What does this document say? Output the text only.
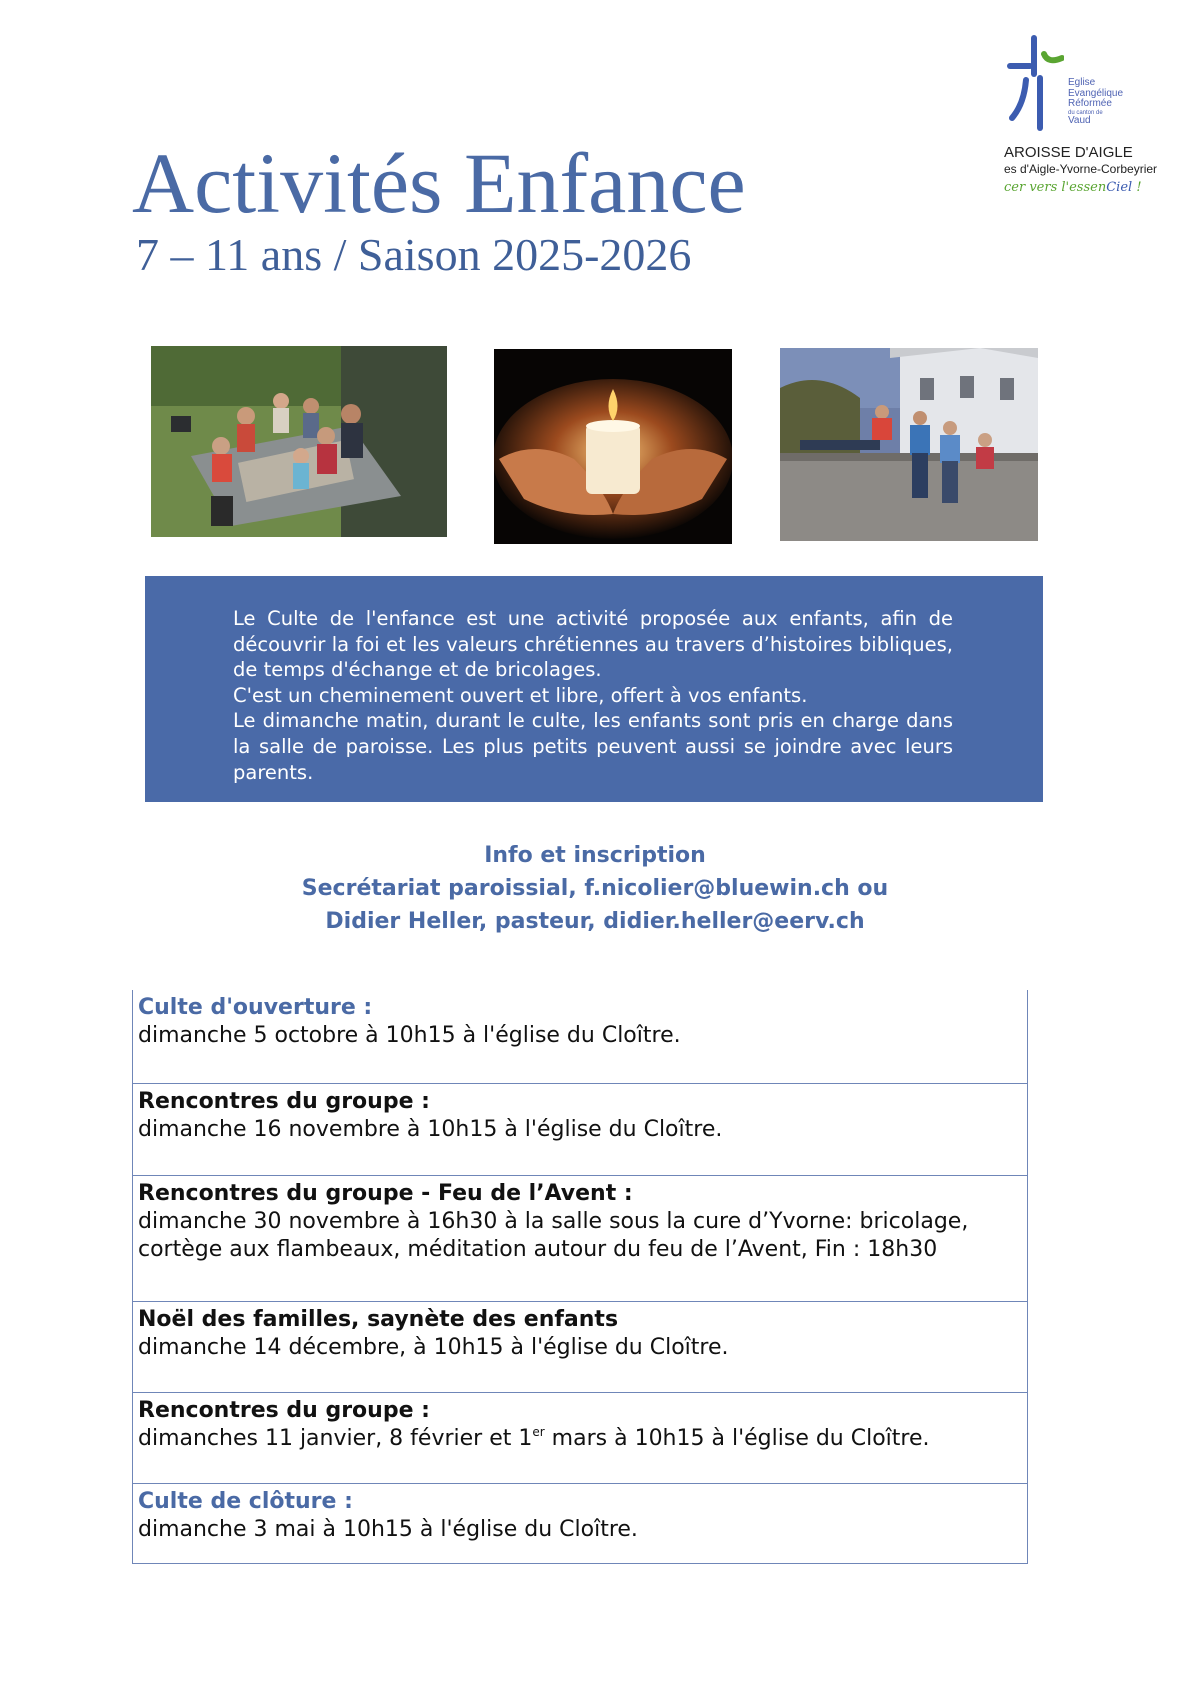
Activités Enfance
7 – 11 ans / Saison 2025-2026
Eglise
Evangélique
Réformée
du canton de
Vaud
AROISSE D'AIGLE
es d'Aigle-Yvorne-Corbeyrier
cer vers l'essenCiel !

Le Culte de l'enfance est une activité proposée aux enfants, afin de découvrir la foi et les valeurs chrétiennes au travers d’histoires bibliques, de temps d'échange et de bricolages.

C'est un cheminement ouvert et libre, offert à vos enfants.

Le dimanche matin, durant le culte, les enfants sont pris en charge dans la salle de paroisse. Les plus petits peuvent aussi se joindre avec leurs parents.

Info et inscription
Secrétariat paroissial, f.nicolier@bluewin.ch ou
Didier Heller, pasteur, didier.heller@eerv.ch
Culte d'ouverture :
dimanche 5 octobre à 10h15 à l'église du Cloître.
Rencontres du groupe :
dimanche 16 novembre à 10h15 à l'église du Cloître.
Rencontres du groupe - Feu de l’Avent :
dimanche 30 novembre à 16h30 à la salle sous la cure d’Yvorne: bricolage,
cortège aux flambeaux, méditation autour du feu de l’Avent, Fin : 18h30
Noël des familles, saynète des enfants
dimanche 14 décembre, à 10h15 à l'église du Cloître.
Rencontres du groupe :
dimanches 11 janvier, 8 février et 1er mars à 10h15 à l'église du Cloître.
Culte de clôture :
dimanche 3 mai à 10h15 à l'église du Cloître.
